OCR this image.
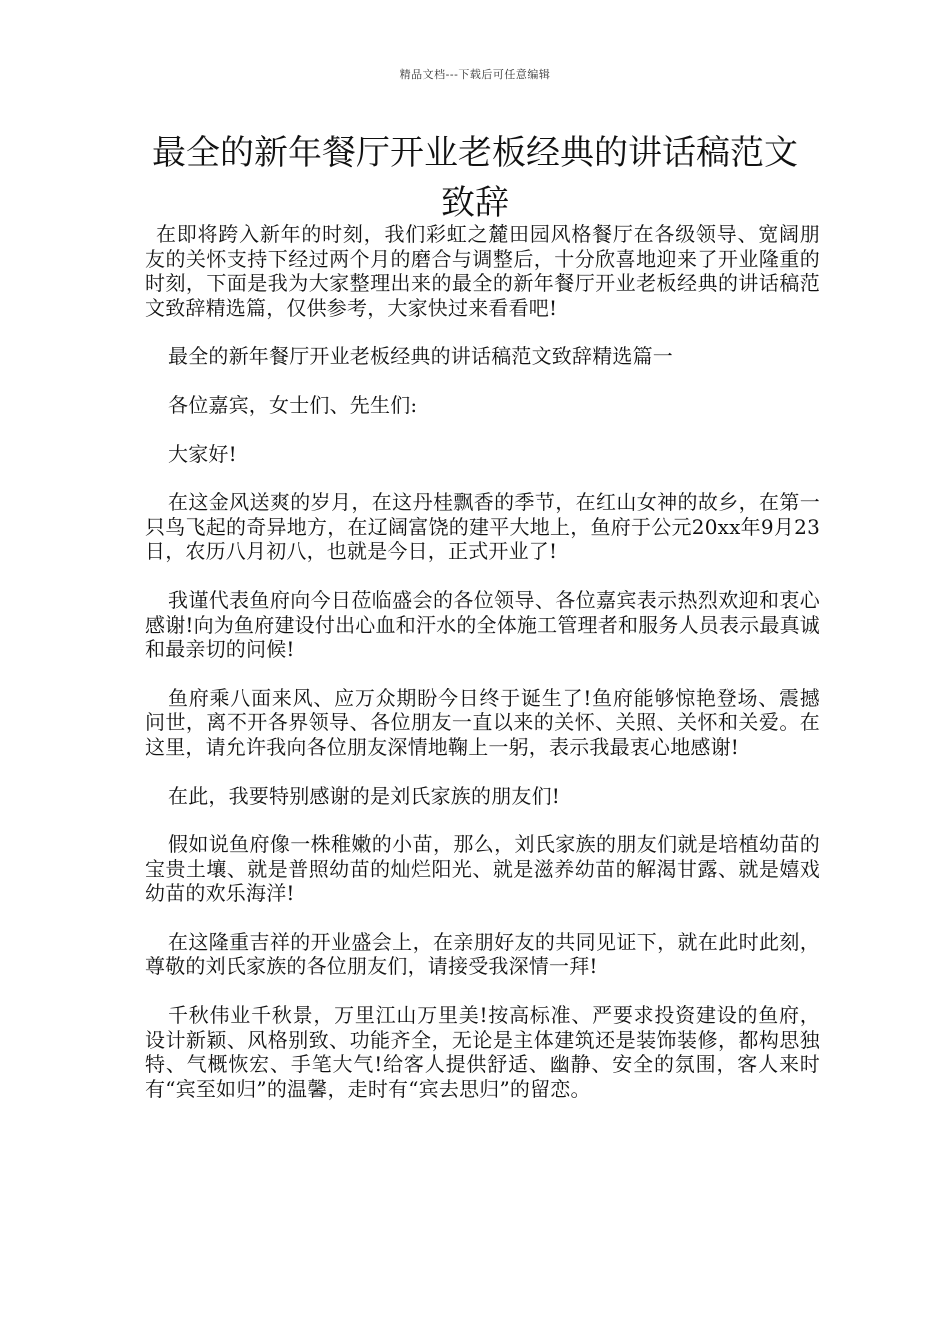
精品文档---下载后可任意编辑
最全的新年餐厅开业老板经典的讲话稿范文致辞

在即将跨入新年的时刻，我们彩虹之麓田园风格餐厅在各级领导、宽阔朋友的关怀支持下经过两个月的磨合与调整后，十分欣喜地迎来了开业隆重的时刻，下面是我为大家整理出来的最全的新年餐厅开业老板经典的讲话稿范文致辞精选篇，仅供参考，大家快过来看看吧!

最全的新年餐厅开业老板经典的讲话稿范文致辞精选篇一

各位嘉宾，女士们、先生们:

大家好!

在这金风送爽的岁月，在这丹桂飘香的季节，在红山女神的故乡，在第一只鸟飞起的奇异地方，在辽阔富饶的建平大地上，鱼府于公元20xx年9月23日，农历八月初八，也就是今日，正式开业了!

我谨代表鱼府向今日莅临盛会的各位领导、各位嘉宾表示热烈欢迎和衷心感谢!向为鱼府建设付出心血和汗水的全体施工管理者和服务人员表示最真诚和最亲切的问候!

鱼府乘八面来风、应万众期盼今日终于诞生了!鱼府能够惊艳登场、震撼问世，离不开各界领导、各位朋友一直以来的关怀、关照、关怀和关爱。在这里，请允许我向各位朋友深情地鞠上一躬，表示我最衷心地感谢!

在此，我要特别感谢的是刘氏家族的朋友们!

假如说鱼府像一株稚嫩的小苗，那么，刘氏家族的朋友们就是培植幼苗的宝贵土壤、就是普照幼苗的灿烂阳光、就是滋养幼苗的解渴甘露、就是嬉戏幼苗的欢乐海洋!

在这隆重吉祥的开业盛会上，在亲朋好友的共同见证下，就在此时此刻，尊敬的刘氏家族的各位朋友们，请接受我深情一拜!

千秋伟业千秋景，万里江山万里美!按高标准、严要求投资建设的鱼府，设计新颖、风格别致、功能齐全，无论是主体建筑还是装饰装修，都构思独特、气概恢宏、手笔大气!给客人提供舒适、幽静、安全的氛围，客人来时有“宾至如归”的温馨，走时有“宾去思归”的留恋。
